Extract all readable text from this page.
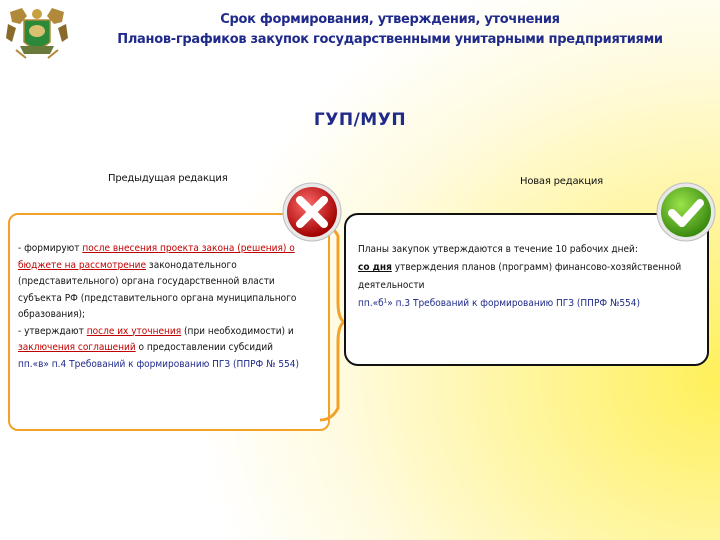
Срок формирования, утверждения, уточнения
Планов-графиков закупок государственными унитарными предприятиями
ГУП/МУП
Предыдущая редакция	Новая редакция
- формируют после внесения проекта закона (решения) о бюджете на рассмотрение законодательного (представительного) органа государственной власти субъекта РФ (представительного органа муниципального образования);
- утверждают после их уточнения (при необходимости) и заключения соглашений о предоставлении субсидий
пп.«в» п.4 Требований к формированию ПГЗ (ППРФ № 554)
Планы закупок утверждаются в течение 10 рабочих дней:
со дня утверждения планов (программ) финансово-хозяйственной деятельности
пп.«б¹» п.3 Требований к формированию ПГЗ (ППРФ №554)
